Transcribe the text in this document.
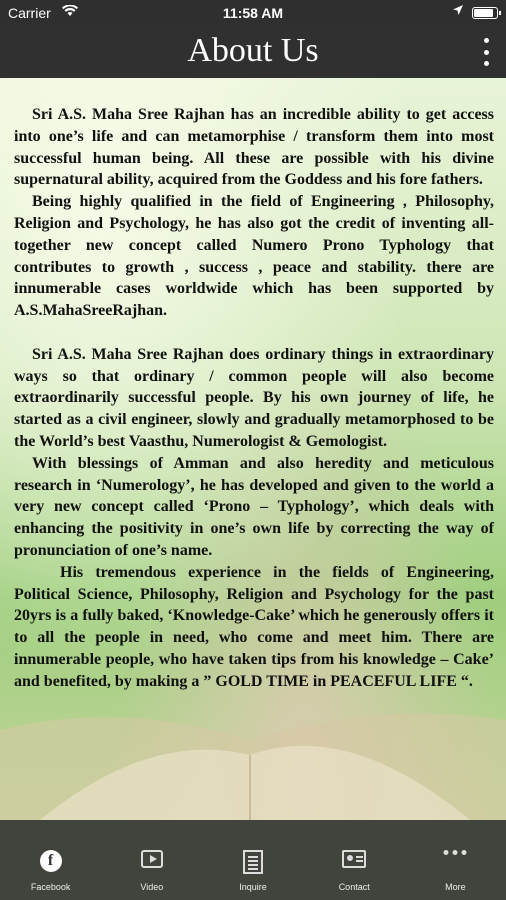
Carrier	11:58 AM
About Us

Sri A.S. Maha Sree Rajhan has an incredible ability to get access into one’s life and can metamorphise / transform them into most successful human being. All these are possible with his divine supernatural ability, acquired from the Goddess and his fore fathers.

Being highly qualified in the field of Engineering , Philosophy, Religion and Psychology, he has also got the credit of inventing all-together new concept called Numero Prono Typhology that contributes to growth , success , peace and stability. there are innumerable cases worldwide which has been supported by A.S.MahaSreeRajhan.

Sri A.S. Maha Sree Rajhan does ordinary things in extraordinary ways so that ordinary / common people will also become extraordinarily successful people. By his own journey of life, he started as a civil engineer, slowly and gradually metamorphosed to be the World’s best Vaasthu, Numerologist & Gemologist.

With blessings of Amman and also heredity and meticulous research in ‘Numerology’, he has developed and given to the world a very new concept called ‘Prono – Typhology’, which deals with enhancing the positivity in one’s own life by correcting the way of pronunciation of one’s name.

His tremendous experience in the fields of Engineering, Political Science, Philosophy, Religion and Psychology for the past 20yrs is a fully baked, ‘Knowledge-Cake’ which he generously offers it to all the people in need, who come and meet him. There are innumerable people, who have taken tips from his knowledge – Cake’ and benefited, by making a ” GOLD TIME in PEACEFUL LIFE “.

f
Facebook	Video	Inquire	Contact	More
